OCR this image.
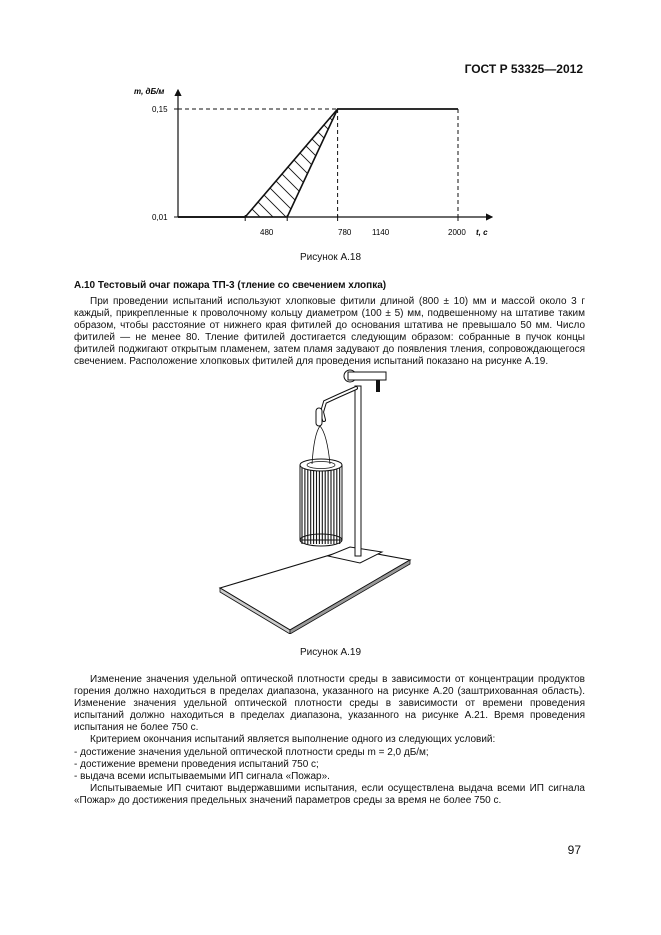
ГОСТ Р 53325—2012
m, дБ/м
t, с
0,15
0,01
480	780	1140	2000
Рисунок А.18
А.10 Тестовый очаг пожара ТП-3 (тление со свечением хлопка)

При проведении испытаний используют хлопковые фитили длиной (800 ± 10) мм и массой около 3 г каждый, прикрепленные к проволочному кольцу диаметром (100 ± 5) мм, подвешенному на штативе таким образом, чтобы расстояние от нижнего края фитилей до основания штатива не превышало 50 мм. Число фитилей — не менее 80. Тление фитилей достигается следующим образом: собранные в пучок концы фитилей поджигают открытым пламенем, затем пламя задувают до появления тления, сопровождающегося свечением. Расположение хлопковых фитилей для проведения испытаний показано на рисунке А.19.

Рисунок А.19

Изменение значения удельной оптической плотности среды в зависимости от концентрации продуктов горения должно находиться в пределах диапазона, указанного на рисунке А.20 (заштрихованная область). Изменение значения удельной оптической плотности среды в зависимости от времени проведения испытаний должно находиться в пределах диапазона, указанного на рисунке А.21. Время проведения испытания не более 750 с.

Критерием окончания испытаний является выполнение одного из следующих условий:

- достижение значения удельной оптической плотности среды m = 2,0 дБ/м;
- достижение времени проведения испытаний 750 с;
- выдача всеми испытываемыми ИП сигнала «Пожар».

Испытываемые ИП считают выдержавшими испытания, если осуществлена выдача всеми ИП сигнала «Пожар» до достижения предельных значений параметров среды за время не более 750 с.

97
